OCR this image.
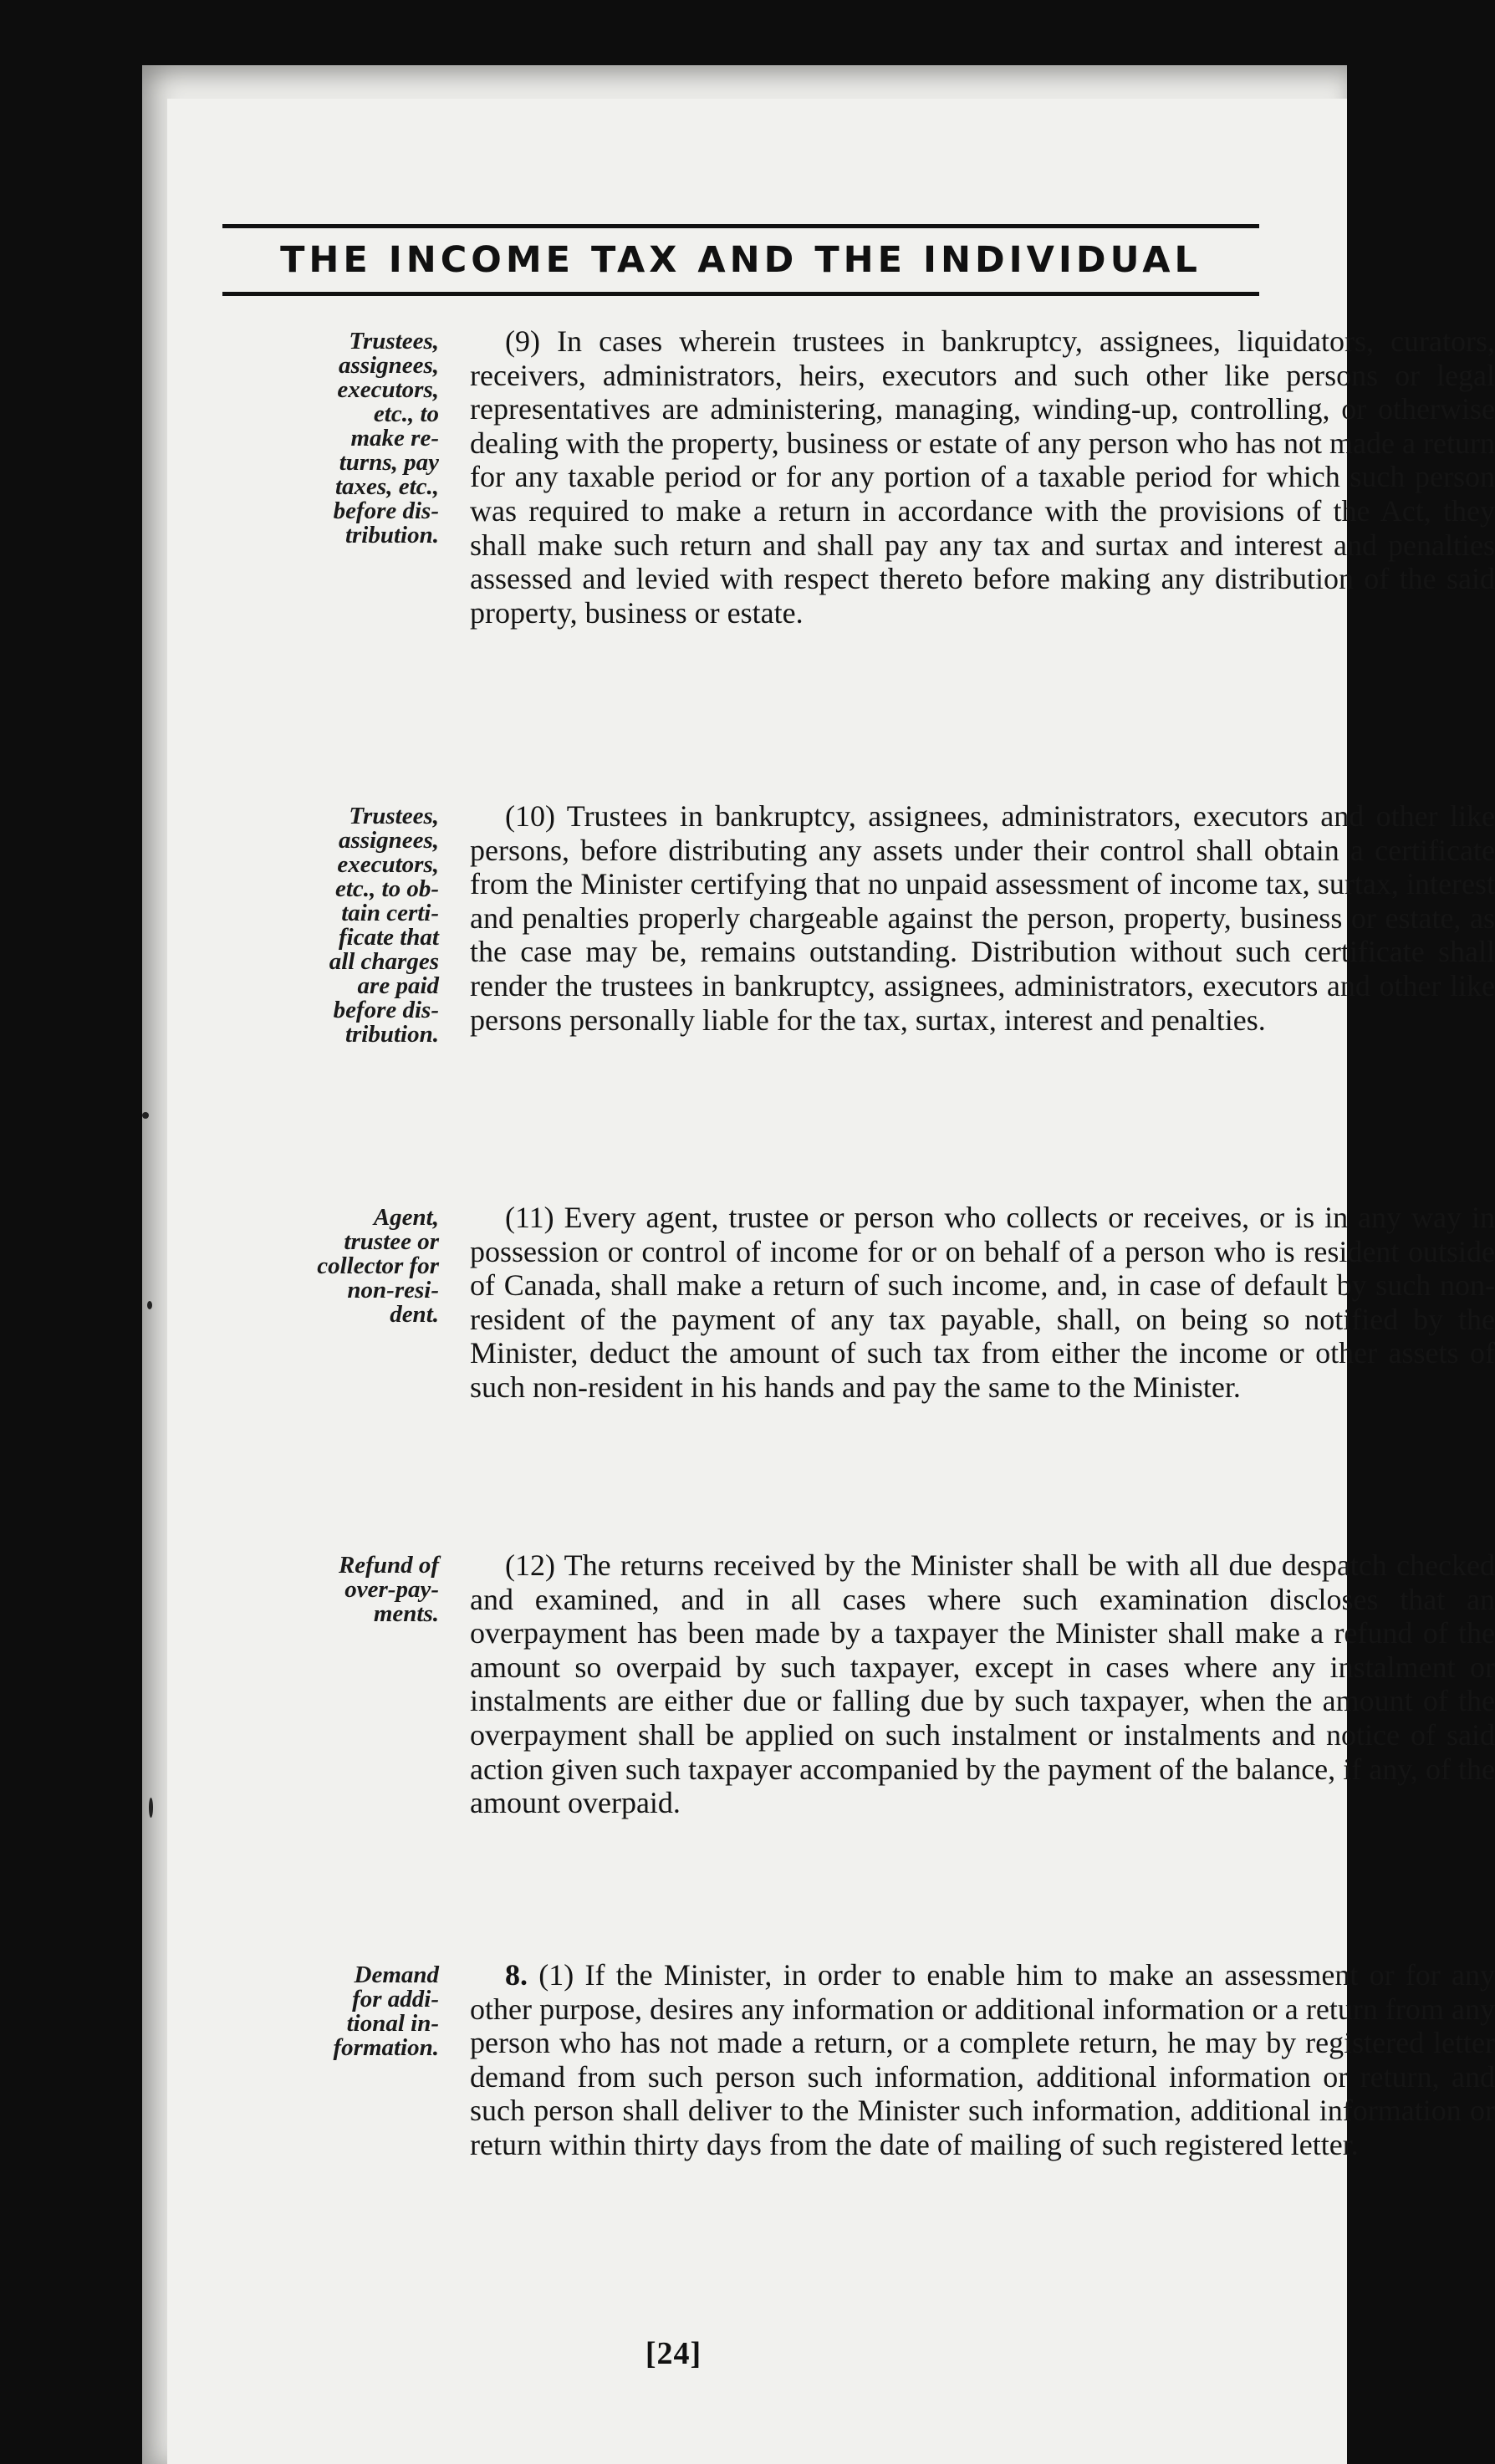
THE INCOME TAX AND THE INDIVIDUAL
Trustees,
assignees,
executors,
etc., to
make re-
turns, pay
taxes, etc.,
before dis-
tribution.

(9) In cases wherein trustees in bankruptcy, assignees, liquidators, curators, receivers, administrators, heirs, executors and such other like persons or legal representatives are administering, managing, winding-up, controlling, or otherwise dealing with the property, business or estate of any person who has not made a return for any taxable period or for any portion of a taxable period for which such person was required to make a return in accordance with the provisions of the Act, they shall make such return and shall pay any tax and surtax and interest and penalties assessed and levied with respect thereto before making any distribution of the said property, business or estate.

Trustees,
assignees,
executors,
etc., to ob-
tain certi-
ficate that
all charges
are paid
before dis-
tribution.

(10) Trustees in bankruptcy, assignees, administrators, executors and other like persons, before distributing any assets under their control shall obtain a certificate from the Minister certifying that no unpaid assessment of income tax, surtax, interest and penalties properly chargeable against the person, property, business or estate, as the case may be, remains outstanding. Distribution without such certificate shall render the trustees in bankruptcy, assignees, administrators, executors and other like persons personally liable for the tax, surtax, interest and penalties.

Agent,
trustee or
collector for
non-resi-
dent.

(11) Every agent, trustee or person who collects or receives, or is in any way in possession or control of income for or on behalf of a person who is resident outside of Canada, shall make a return of such income, and, in case of default by such non-resident of the payment of any tax payable, shall, on being so notified by the Minister, deduct the amount of such tax from either the income or other assets of such non-resident in his hands and pay the same to the Minister.

Refund of
over-pay-
ments.

(12) The returns received by the Minister shall be with all due despatch checked and examined, and in all cases where such examination discloses that an overpayment has been made by a taxpayer the Minister shall make a refund of the amount so overpaid by such taxpayer, except in cases where any instalment or instalments are either due or falling due by such taxpayer, when the amount of the overpayment shall be applied on such instalment or instalments and notice of said action given such taxpayer accompanied by the payment of the balance, if any, of the amount overpaid.

Demand
for addi-
tional in-
formation.

8. (1) If the Minister, in order to enable him to make an assessment or for any other purpose, desires any information or additional information or a return from any person who has not made a return, or a complete return, he may by registered letter demand from such person such information, additional information or return, and such person shall deliver to the Minister such information, additional information or return within thirty days from the date of mailing of such registered letter.

[24]
